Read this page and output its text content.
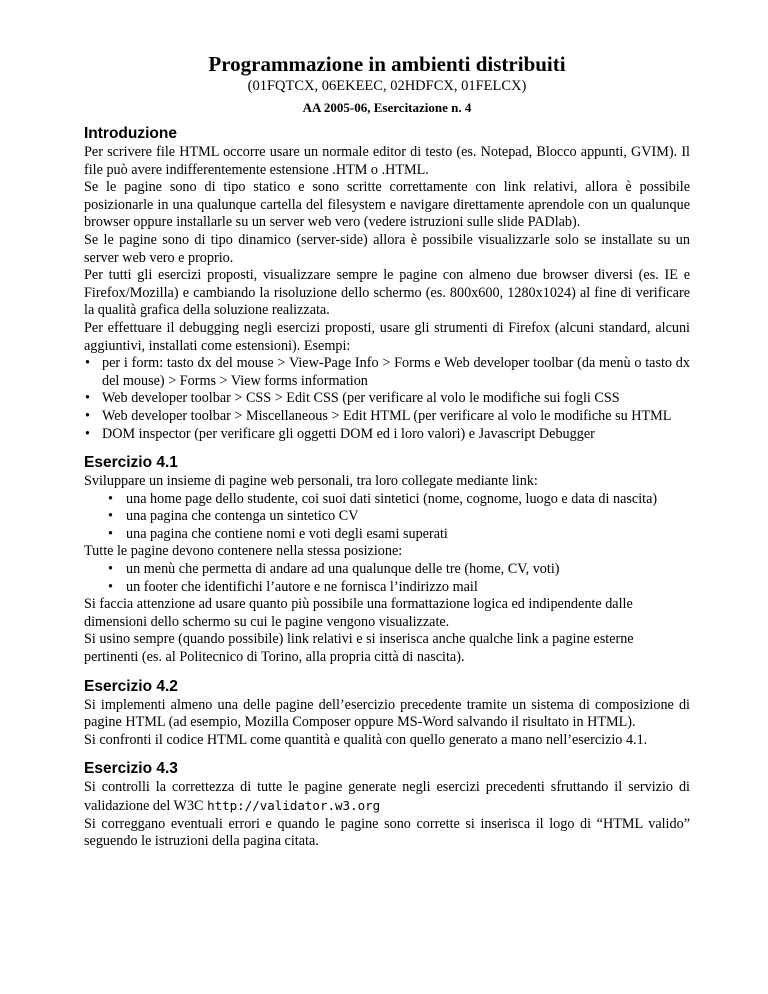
Programmazione in ambienti distribuiti
(01FQTCX, 06EKEEC, 02HDFCX, 01FELCX)
AA 2005-06, Esercitazione n. 4
Introduzione

Per scrivere file HTML occorre usare un normale editor di testo (es. Notepad, Blocco appunti, GVIM). Il file può avere indifferentemente estensione .HTM o .HTML.

Se le pagine sono di tipo statico e sono scritte correttamente con link relativi, allora è possibile posizionarle in una qualunque cartella del filesystem e navigare direttamente aprendole con un qualunque browser oppure installarle su un server web vero (vedere istruzioni sulle slide PADlab).

Se le pagine sono di tipo dinamico (server-side) allora è possibile visualizzarle solo se installate su un server web vero e proprio.

Per tutti gli esercizi proposti, visualizzare sempre le pagine con almeno due browser diversi (es. IE e Firefox/Mozilla) e cambiando la risoluzione dello schermo (es. 800x600, 1280x1024) al fine di verificare la qualità grafica della soluzione realizzata.

Per effettuare il debugging negli esercizi proposti, usare gli strumenti di Firefox (alcuni standard, alcuni aggiuntivi, installati come estensioni). Esempi:

• per i form: tasto dx del mouse > View-Page Info > Forms e Web developer toolbar (da menù o tasto dx del mouse) > Forms > View forms information
• Web developer toolbar > CSS > Edit CSS (per verificare al volo le modifiche sui fogli CSS
• Web developer toolbar > Miscellaneous > Edit HTML (per verificare al volo le modifiche su HTML
• DOM inspector (per verificare gli oggetti DOM ed i loro valori) e Javascript Debugger
Esercizio 4.1

Sviluppare un insieme di pagine web personali, tra loro collegate mediante link:

• una home page dello studente, coi suoi dati sintetici (nome, cognome, luogo e data di nascita)
• una pagina che contenga un sintetico CV
• una pagina che contiene nomi e voti degli esami superati

Tutte le pagine devono contenere nella stessa posizione:

• un menù che permetta di andare ad una qualunque delle tre (home, CV, voti)
• un footer che identifichi l’autore e ne fornisca l’indirizzo mail

Si faccia attenzione ad usare quanto più possibile una formattazione logica ed indipendente dalle dimensioni dello schermo su cui le pagine vengono visualizzate.

Si usino sempre (quando possibile) link relativi e si inserisca anche qualche link a pagine esterne pertinenti (es. al Politecnico di Torino, alla propria città di nascita).

Esercizio 4.2

Si implementi almeno una delle pagine dell’esercizio precedente tramite un sistema di composizione di pagine HTML (ad esempio, Mozilla Composer oppure MS-Word salvando il risultato in HTML).

Si confronti il codice HTML come quantità e qualità con quello generato a mano nell’esercizio 4.1.

Esercizio 4.3

Si controlli la correttezza di tutte le pagine generate negli esercizi precedenti sfruttando il servizio di validazione del W3C http://validator.w3.org

Si correggano eventuali errori e quando le pagine sono corrette si inserisca il logo di “HTML valido” seguendo le istruzioni della pagina citata.
